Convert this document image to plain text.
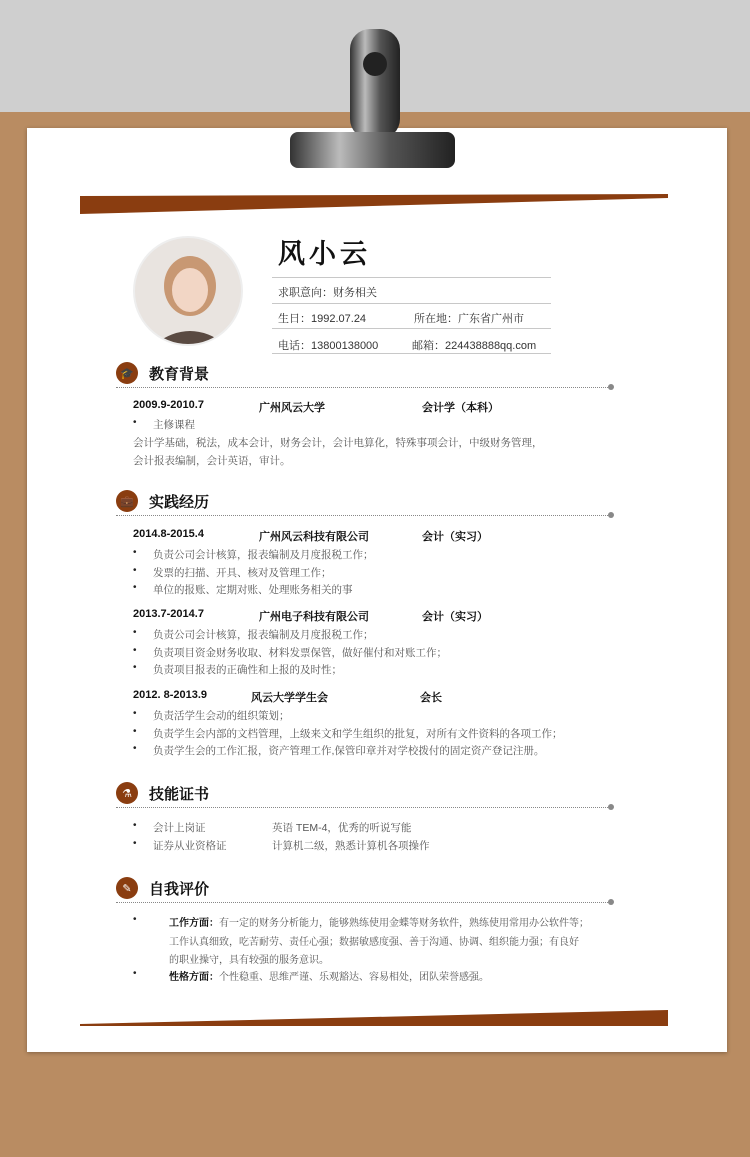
风小云
求职意向：财务相关
生日：1992.07.24	所在地：广东省广州市
电话：13800138000	邮箱：224438888qq.com
🎓 教育背景
2009.9-2010.7	广州风云大学	会计学（本科）
• 主修课程
会计学基础，税法，成本会计，财务会计，会计电算化，特殊事项会计，中级财务管理，
会计报表编制，会计英语，审计。
💼 实践经历
2014.8-2015.4	广州风云科技有限公司	会计（实习）
• 负责公司会计核算，报表编制及月度报税工作；
• 发票的扫描、开具、核对及管理工作；
• 单位的报账、定期对账、处理账务相关的事
2013.7-2014.7	广州电子科技有限公司	会计（实习）
• 负责公司会计核算，报表编制及月度报税工作；
• 负责项目资金财务收取、材料发票保管，做好催付和对账工作；
• 负责项目报表的正确性和上报的及时性；
2012. 8-2013.9	风云大学学生会	会长
• 负责活学生会动的组织策划；
• 负责学生会内部的文档管理，上级来文和学生组织的批复，对所有文件资料的各项工作；
• 负责学生会的工作汇报，资产管理工作,保管印章并对学校拨付的固定资产登记注册。
⚗	技能证书
• 会计上岗证	英语 TEM-4，优秀的听说写能
• 证券从业资格证	计算机二级，熟悉计算机各项操作
✎	自我评价
•	工作方面：有一定的财务分析能力，能够熟练使用金蝶等财务软件，熟练使用常用办公软件等；
工作认真细致，吃苦耐劳、责任心强；数据敏感度强、善于沟通、协调、组织能力强；有良好
的职业操守，具有较强的服务意识。
•	性格方面：个性稳重、思维严谨、乐观豁达、容易相处，团队荣誉感强。
